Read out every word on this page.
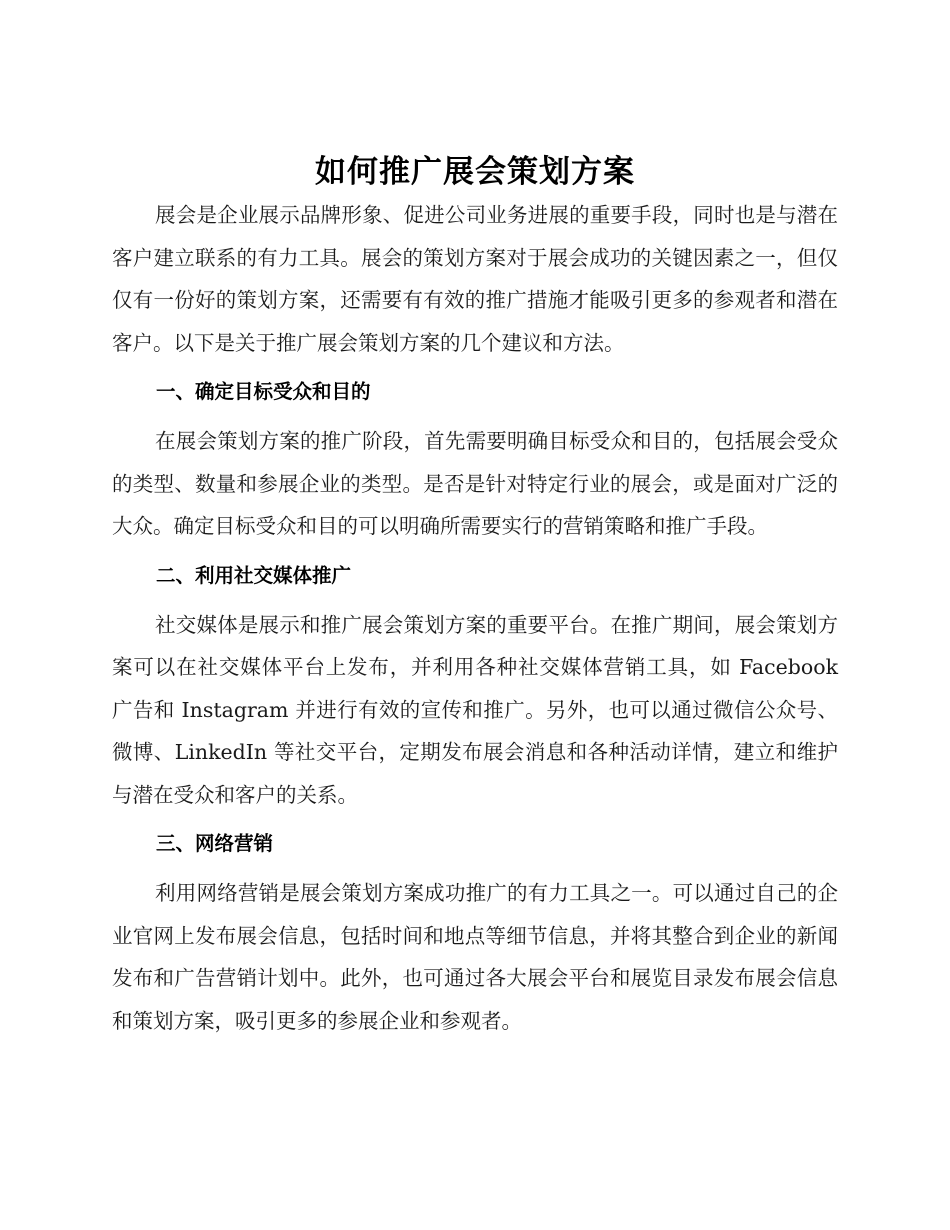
如何推广展会策划方案

展会是企业展示品牌形象、促进公司业务进展的重要手段，同时也是与潜在客户建立联系的有力工具。展会的策划方案对于展会成功的关键因素之一，但仅仅有一份好的策划方案，还需要有有效的推广措施才能吸引更多的参观者和潜在客户。以下是关于推广展会策划方案的几个建议和方法。

一、确定目标受众和目的

在展会策划方案的推广阶段，首先需要明确目标受众和目的，包括展会受众的类型、数量和参展企业的类型。是否是针对特定行业的展会，或是面对广泛的大众。确定目标受众和目的可以明确所需要实行的营销策略和推广手段。

二、利用社交媒体推广

社交媒体是展示和推广展会策划方案的重要平台。在推广期间，展会策划方案可以在社交媒体平台上发布，并利用各种社交媒体营销工具，如 Facebook 广告和 Instagram 并进行有效的宣传和推广。另外，也可以通过微信公众号、微博、LinkedIn 等社交平台，定期发布展会消息和各种活动详情，建立和维护与潜在受众和客户的关系。

三、网络营销

利用网络营销是展会策划方案成功推广的有力工具之一。可以通过自己的企业官网上发布展会信息，包括时间和地点等细节信息，并将其整合到企业的新闻发布和广告营销计划中。此外，也可通过各大展会平台和展览目录发布展会信息和策划方案，吸引更多的参展企业和参观者。
